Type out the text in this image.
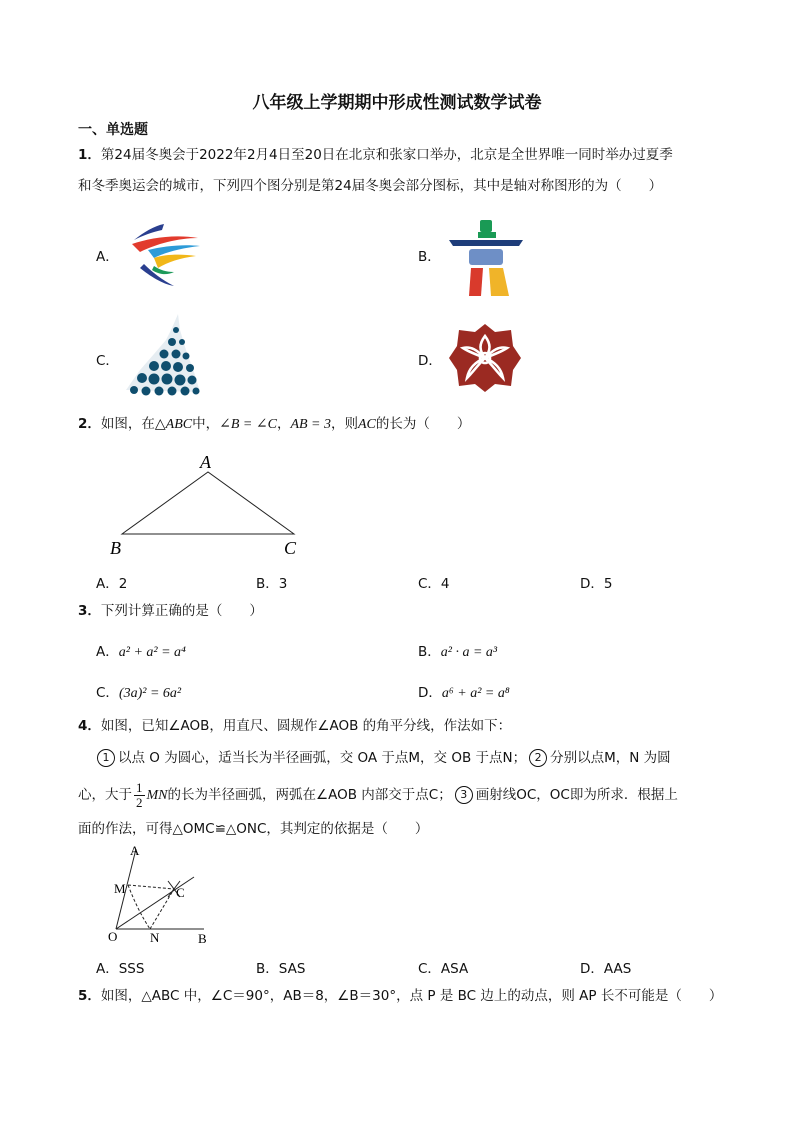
八年级上学期期中形成性测试数学试卷
一、单选题
1．第24届冬奥会于2022年2月4日至20日在北京和张家口举办，北京是全世界唯一同时举办过夏季
和冬季奥运会的城市，下列四个图分别是第24届冬奥会部分图标，其中是轴对称图形的为（　　）
A．	B．
C．	D．
2．如图，在△ABC中，∠B = ∠C，AB = 3，则AC的长为（　　）
A
B	C
A．2	B．3	C．4	D．5
3．下列计算正确的是（　　）
A．a² + a² = a⁴	B．a² · a = a³
C．(3a)² = 6a²	D．a⁶ + a² = a⁸
4．如图，已知∠AOB，用直尺、圆规作∠AOB 的角平分线，作法如下：
1 以点 O 为圆心，适当长为半径画弧，交 OA 于点M，交 OB 于点N； 2 分别以点M，N 为圆
心，大于 $\frac{1}{2}$ MN的长为半径画弧，两弧在∠AOB 内部交于点C； 3 画射线OC，OC即为所求．根据上
面的作法，可得△OMC≌△ONC，其判定的依据是（　　）
A
M	C
O	N	B
A．SSS	B．SAS	C．ASA	D．AAS
5．如图，△ABC 中，∠C＝90°，AB＝8，∠B＝30°，点 P 是 BC 边上的动点，则 AP 长不可能是（　　）
